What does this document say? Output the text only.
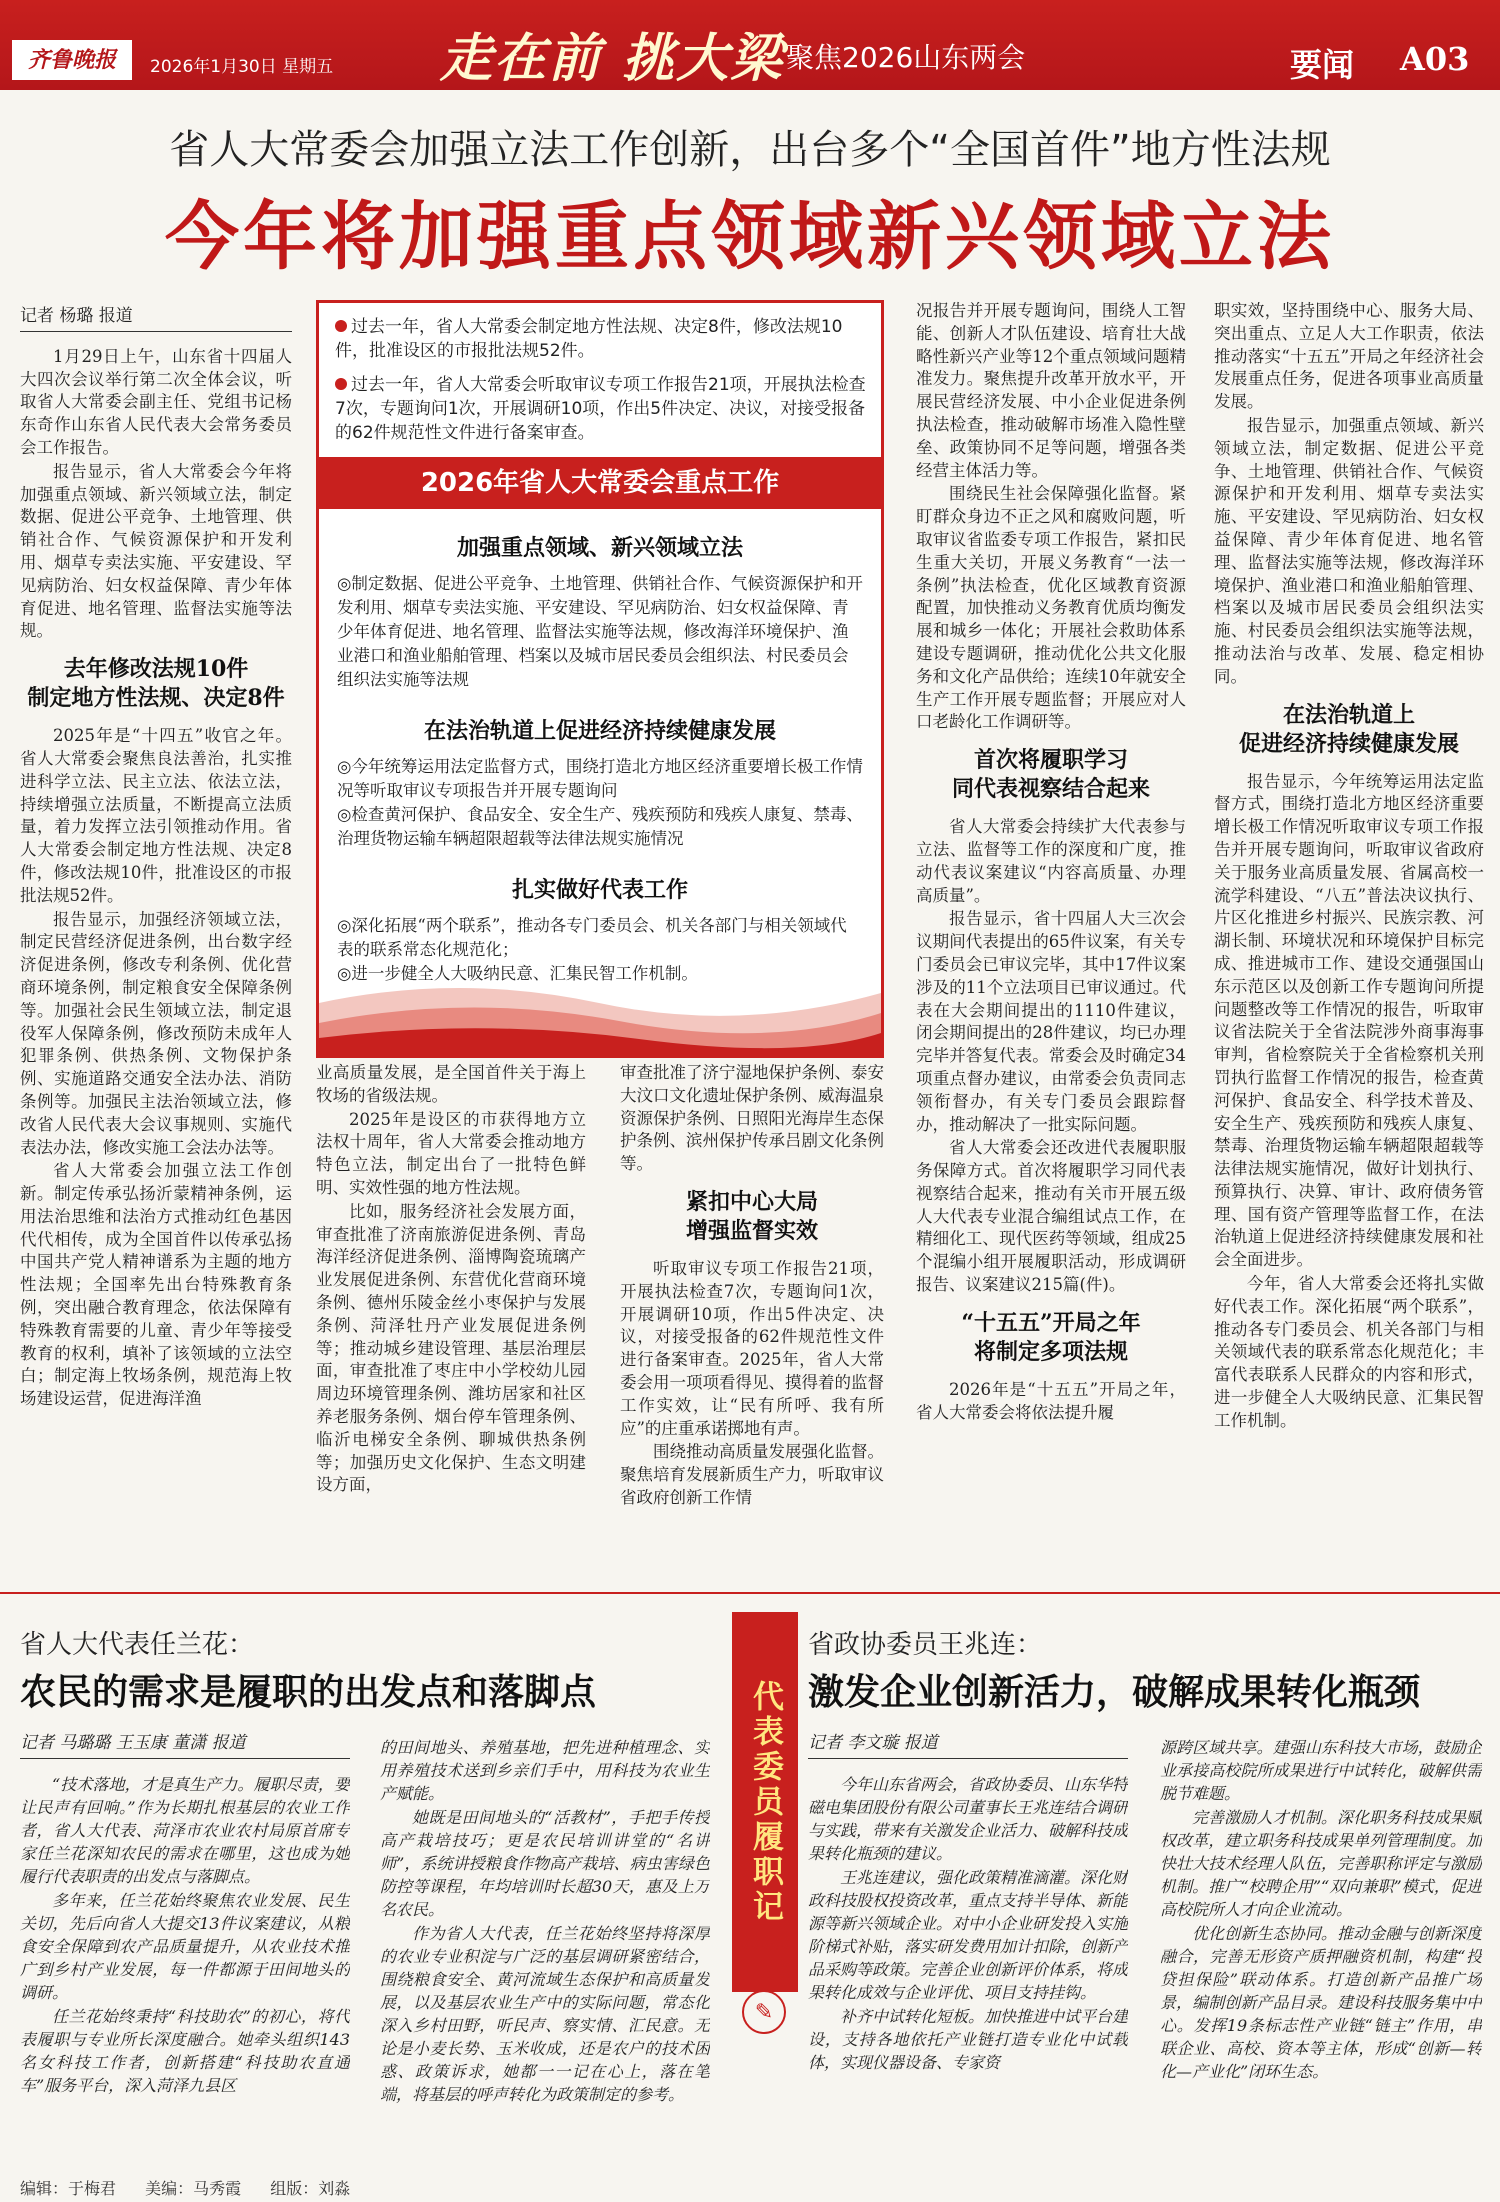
齐鲁晚报	2026年1月30日 星期五 走在前 挑大梁 聚焦2026山东两会	要闻 A03
省人大常委会加强立法工作创新，出台多个“全国首件”地方性法规
今年将加强重点领域新兴领域立法
记者 杨璐 报道

1月29日上午，山东省十四届人大四次会议举行第二次全体会议，听取省人大常委会副主任、党组书记杨东奇作山东省人民代表大会常务委员会工作报告。

报告显示，省人大常委会今年将加强重点领域、新兴领域立法，制定数据、促进公平竞争、土地管理、供销社合作、气候资源保护和开发利用、烟草专卖法实施、平安建设、罕见病防治、妇女权益保障、青少年体育促进、地名管理、监督法实施等法规。

去年修改法规10件
制定地方性法规、决定8件

2025年是“十四五”收官之年。省人大常委会聚焦良法善治，扎实推进科学立法、民主立法、依法立法，持续增强立法质量，不断提高立法质量，着力发挥立法引领推动作用。省人大常委会制定地方性法规、决定8件，修改法规10件，批准设区的市报批法规52件。

报告显示，加强经济领域立法，制定民营经济促进条例，出台数字经济促进条例，修改专利条例、优化营商环境条例，制定粮食安全保障条例等。加强社会民生领域立法，制定退役军人保障条例，修改预防未成年人犯罪条例、供热条例、文物保护条例、实施道路交通安全法办法、消防条例等。加强民主法治领域立法，修改省人民代表大会议事规则、实施代表法办法，修改实施工会法办法等。

省人大常委会加强立法工作创新。制定传承弘扬沂蒙精神条例，运用法治思维和法治方式推动红色基因代代相传，成为全国首件以传承弘扬中国共产党人精神谱系为主题的地方性法规；全国率先出台特殊教育条例，突出融合教育理念，依法保障有特殊教育需要的儿童、青少年等接受教育的权利，填补了该领域的立法空白；制定海上牧场条例，规范海上牧场建设运营，促进海洋渔

过去一年，省人大常委会制定地方性法规、决定8件，修改法规10件，批准设区的市报批法规52件。
过去一年，省人大常委会听取审议专项工作报告21项，开展执法检查7次，专题询问1次，开展调研10项，作出5件决定、决议，对接受报备的62件规范性文件进行备案审查。
2026年省人大常委会重点工作
加强重点领域、新兴领域立法
◎制定数据、促进公平竞争、土地管理、供销社合作、气候资源保护和开发利用、烟草专卖法实施、平安建设、罕见病防治、妇女权益保障、青少年体育促进、地名管理、监督法实施等法规，修改海洋环境保护、渔业港口和渔业船舶管理、档案以及城市居民委员会组织法、村民委员会组织法实施等法规
在法治轨道上促进经济持续健康发展
◎今年统筹运用法定监督方式，围绕打造北方地区经济重要增长极工作情况等听取审议专项报告并开展专题询问
◎检查黄河保护、食品安全、安全生产、残疾预防和残疾人康复、禁毒、治理货物运输车辆超限超载等法律法规实施情况
扎实做好代表工作
◎深化拓展“两个联系”，推动各专门委员会、机关各部门与相关领域代表的联系常态化规范化；
◎进一步健全人大吸纳民意、汇集民智工作机制。

业高质量发展，是全国首件关于海上牧场的省级法规。

2025年是设区的市获得地方立法权十周年，省人大常委会推动地方特色立法，制定出台了一批特色鲜明、实效性强的地方性法规。

比如，服务经济社会发展方面，审查批准了济南旅游促进条例、青岛海洋经济促进条例、淄博陶瓷琉璃产业发展促进条例、东营优化营商环境条例、德州乐陵金丝小枣保护与发展条例、菏泽牡丹产业发展促进条例等；推动城乡建设管理、基层治理层面，审查批准了枣庄中小学校幼儿园周边环境管理条例、潍坊居家和社区养老服务条例、烟台停车管理条例、临沂电梯安全条例、聊城供热条例等；加强历史文化保护、生态文明建设方面，

审查批准了济宁湿地保护条例、泰安大汶口文化遗址保护条例、威海温泉资源保护条例、日照阳光海岸生态保护条例、滨州保护传承吕剧文化条例等。

紧扣中心大局
增强监督实效

听取审议专项工作报告21项，开展执法检查7次，专题询问1次，开展调研10项，作出5件决定、决议，对接受报备的62件规范性文件进行备案审查。2025年，省人大常委会用一项项看得见、摸得着的监督工作实效，让“民有所呼、我有所应”的庄重承诺掷地有声。

围绕推动高质量发展强化监督。聚焦培育发展新质生产力，听取审议省政府创新工作情

况报告并开展专题询问，围绕人工智能、创新人才队伍建设、培育壮大战略性新兴产业等12个重点领域问题精准发力。聚焦提升改革开放水平，开展民营经济发展、中小企业促进条例执法检查，推动破解市场准入隐性壁垒、政策协同不足等问题，增强各类经营主体活力等。

围绕民生社会保障强化监督。紧盯群众身边不正之风和腐败问题，听取审议省监委专项工作报告，紧扣民生重大关切，开展义务教育“一法一条例”执法检查，优化区域教育资源配置，加快推动义务教育优质均衡发展和城乡一体化；开展社会救助体系建设专题调研，推动优化公共文化服务和文化产品供给；连续10年就安全生产工作开展专题监督；开展应对人口老龄化工作调研等。

首次将履职学习
同代表视察结合起来

省人大常委会持续扩大代表参与立法、监督等工作的深度和广度，推动代表议案建议“内容高质量、办理高质量”。

报告显示，省十四届人大三次会议期间代表提出的65件议案，有关专门委员会已审议完毕，其中17件议案涉及的11个立法项目已审议通过。代表在大会期间提出的1110件建议，闭会期间提出的28件建议，均已办理完毕并答复代表。常委会及时确定34项重点督办建议，由常委会负责同志领衔督办，有关专门委员会跟踪督办，推动解决了一批实际问题。

省人大常委会还改进代表履职服务保障方式。首次将履职学习同代表视察结合起来，推动有关市开展五级人大代表专业混合编组试点工作，在精细化工、现代医药等领域，组成25个混编小组开展履职活动，形成调研报告、议案建议215篇(件)。

“十五五”开局之年
将制定多项法规

2026年是“十五五”开局之年，省人大常委会将依法提升履

职实效，坚持围绕中心、服务大局、突出重点、立足人大工作职责，依法推动落实“十五五”开局之年经济社会发展重点任务，促进各项事业高质量发展。

报告显示，加强重点领域、新兴领域立法，制定数据、促进公平竞争、土地管理、供销社合作、气候资源保护和开发利用、烟草专卖法实施、平安建设、罕见病防治、妇女权益保障、青少年体育促进、地名管理、监督法实施等法规，修改海洋环境保护、渔业港口和渔业船舶管理、档案以及城市居民委员会组织法实施、村民委员会组织法实施等法规，推动法治与改革、发展、稳定相协同。

在法治轨道上
促进经济持续健康发展

报告显示，今年统筹运用法定监督方式，围绕打造北方地区经济重要增长极工作情况听取审议专项工作报告并开展专题询问，听取审议省政府关于服务业高质量发展、省属高校一流学科建设、“八五”普法决议执行、片区化推进乡村振兴、民族宗教、河湖长制、环境状况和环境保护目标完成、推进城市工作、建设交通强国山东示范区以及创新工作专题询问所提问题整改等工作情况的报告，听取审议省法院关于全省法院涉外商事海事审判，省检察院关于全省检察机关刑罚执行监督工作情况的报告，检查黄河保护、食品安全、科学技术普及、安全生产、残疾预防和残疾人康复、禁毒、治理货物运输车辆超限超载等法律法规实施情况，做好计划执行、预算执行、决算、审计、政府债务管理、国有资产管理等监督工作，在法治轨道上促进经济持续健康发展和社会全面进步。

今年，省人大常委会还将扎实做好代表工作。深化拓展“两个联系”，推动各专门委员会、机关各部门与相关领域代表的联系常态化规范化；丰富代表联系人民群众的内容和形式，进一步健全人大吸纳民意、汇集民智工作机制。

省人大代表任兰花：
农民的需求是履职的出发点和落脚点
记者 马璐璐 王玉康 董潇 报道

“技术落地，才是真生产力。履职尽责，要让民声有回响。”作为长期扎根基层的农业工作者，省人大代表、菏泽市农业农村局原首席专家任兰花深知农民的需求在哪里，这也成为她履行代表职责的出发点与落脚点。

多年来，任兰花始终聚焦农业发展、民生关切，先后向省人大提交13件议案建议，从粮食安全保障到农产品质量提升，从农业技术推广到乡村产业发展，每一件都源于田间地头的调研。

任兰花始终秉持“科技助农”的初心，将代表履职与专业所长深度融合。她牵头组织143名女科技工作者，创新搭建“科技助农直通车”服务平台，深入菏泽九县区

的田间地头、养殖基地，把先进种植理念、实用养殖技术送到乡亲们手中，用科技为农业生产赋能。

她既是田间地头的“活教材”，手把手传授高产栽培技巧；更是农民培训讲堂的“名讲师”，系统讲授粮食作物高产栽培、病虫害绿色防控等课程，年均培训时长超30天，惠及上万名农民。

作为省人大代表，任兰花始终坚持将深厚的农业专业积淀与广泛的基层调研紧密结合，围绕粮食安全、黄河流域生态保护和高质量发展，以及基层农业生产中的实际问题，常态化深入乡村田野，听民声、察实情、汇民意。无论是小麦长势、玉米收成，还是农户的技术困惑、政策诉求，她都一一记在心上，落在笔端，将基层的呼声转化为政策制定的参考。

代表委员履职记
✎
省政协委员王兆连：
激发企业创新活力，破解成果转化瓶颈
记者 李文璇 报道

今年山东省两会，省政协委员、山东华特磁电集团股份有限公司董事长王兆连结合调研与实践，带来有关激发企业活力、破解科技成果转化瓶颈的建议。

王兆连建议，强化政策精准滴灌。深化财政科技股权投资改革，重点支持半导体、新能源等新兴领域企业。对中小企业研发投入实施阶梯式补贴，落实研发费用加计扣除，创新产品采购等政策。完善企业创新评价体系，将成果转化成效与企业评优、项目支持挂钩。

补齐中试转化短板。加快推进中试平台建设，支持各地依托产业链打造专业化中试载体，实现仪器设备、专家资

源跨区域共享。建强山东科技大市场，鼓励企业承接高校院所成果进行中试转化，破解供需脱节难题。

完善激励人才机制。深化职务科技成果赋权改革，建立职务科技成果单列管理制度。加快壮大技术经理人队伍，完善职称评定与激励机制。推广“校聘企用”“双向兼职”模式，促进高校院所人才向企业流动。

优化创新生态协同。推动金融与创新深度融合，完善无形资产质押融资机制，构建“投贷担保险”联动体系。打造创新产品推广场景，编制创新产品目录。建设科技服务集中中心。发挥19条标志性产业链“链主”作用，串联企业、高校、资本等主体，形成“创新—转化—产业化”闭环生态。

编辑：于梅君 美编：马秀霞 组版：刘淼
